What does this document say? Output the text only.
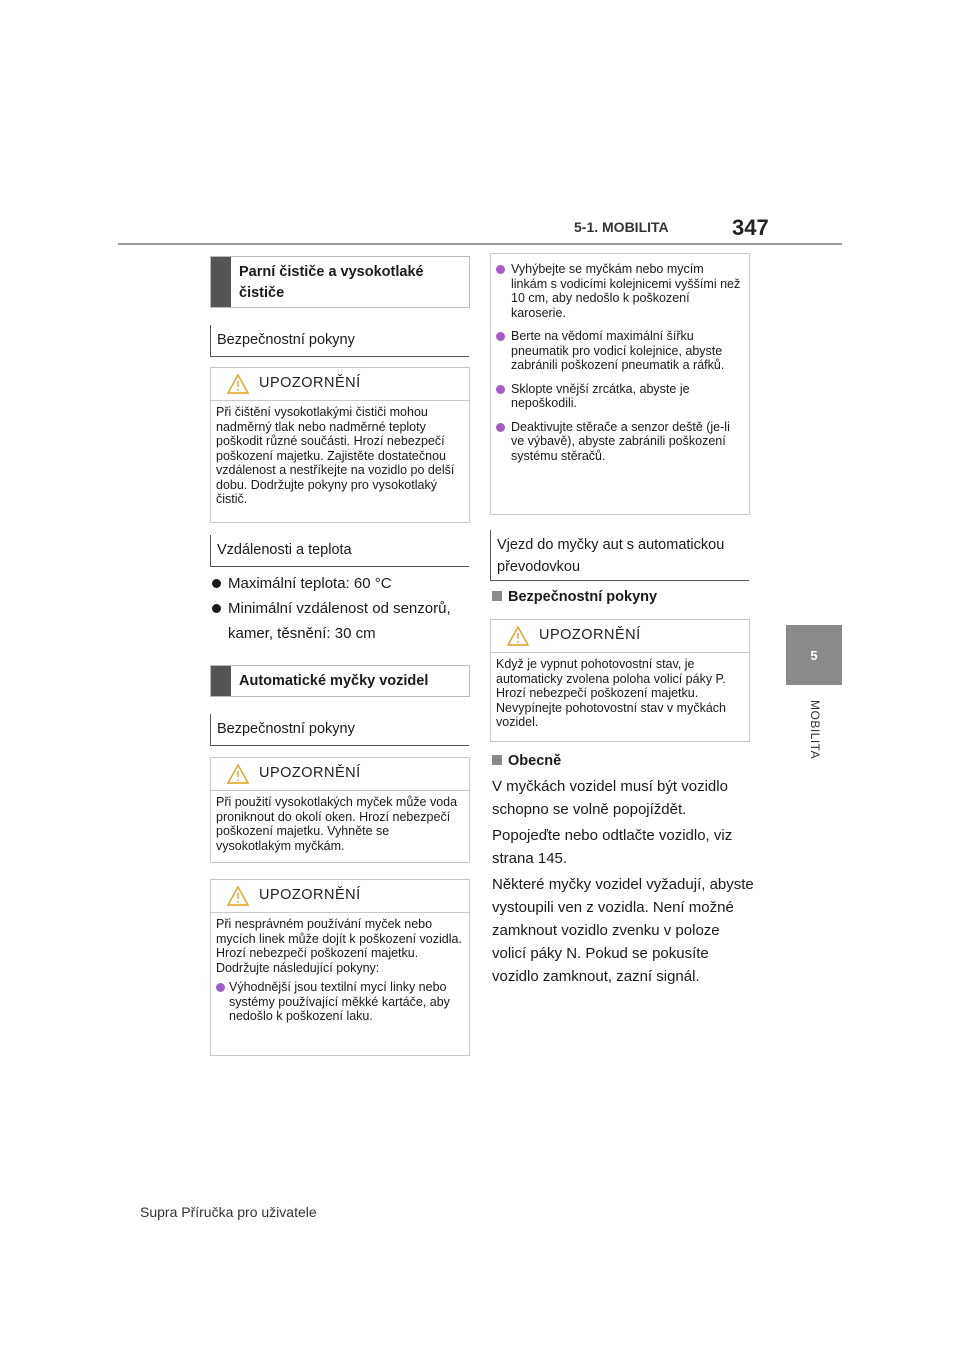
5-1. MOBILITA	347
5
MOBILITA
Parní čističe a vysokotlaké čističe
Bezpečnostní pokyny
UPOZORNĚNÍ
Při čištění vysokotlakými čističi mohou nadměrný tlak nebo nadměrné teploty poškodit různé součásti. Hrozí nebezpečí poškození majetku. Zajistěte dostatečnou vzdálenost a nestříkejte na vozidlo po delší dobu. Dodržujte pokyny pro vysokotlaký čistič.
Vzdálenosti a teplota
Maximální teplota: 60 °C
Minimální vzdálenost od senzorů, kamer, těsnění: 30 cm
Automatické myčky vozidel
Bezpečnostní pokyny
UPOZORNĚNÍ
Při použití vysokotlakých myček může voda proniknout do okolí oken. Hrozí nebezpečí poškození majetku. Vyhněte se vysokotlakým myčkám.
UPOZORNĚNÍ
Při nesprávném používání myček nebo mycích linek může dojít k poškození vozidla. Hrozí nebezpečí poškození majetku. Dodržujte následující pokyny:
Výhodnější jsou textilní mycí linky nebo systémy používající měkké kartáče, aby nedošlo k poškození laku.
Vyhýbejte se myčkám nebo mycím linkám s vodicími kolejnicemi vyššími než 10 cm, aby nedošlo k poškození karoserie.
Berte na vědomí maximální šířku pneumatik pro vodicí kolejnice, abyste zabránili poškození pneumatik a ráfků.
Sklopte vnější zrcátka, abyste je nepoškodili.
Deaktivujte stěrače a senzor deště (je-li ve výbavě), abyste zabránili poškození systému stěračů.
Vjezd do myčky aut s automatickou převodovkou
Bezpečnostní pokyny
UPOZORNĚNÍ
Když je vypnut pohotovostní stav, je automaticky zvolena poloha volicí páky P. Hrozí nebezpečí poškození majetku. Nevypínejte pohotovostní stav v myčkách vozidel.
Obecně
V myčkách vozidel musí být vozidlo schopno se volně popojíždět.
Popojeďte nebo odtlačte vozidlo, viz strana 145.
Některé myčky vozidel vyžadují, abyste vystoupili ven z vozidla. Není možné zamknout vozidlo zvenku v poloze volicí páky N. Pokud se pokusíte vozidlo zamknout, zazní signál.
Supra Příručka pro uživatele
